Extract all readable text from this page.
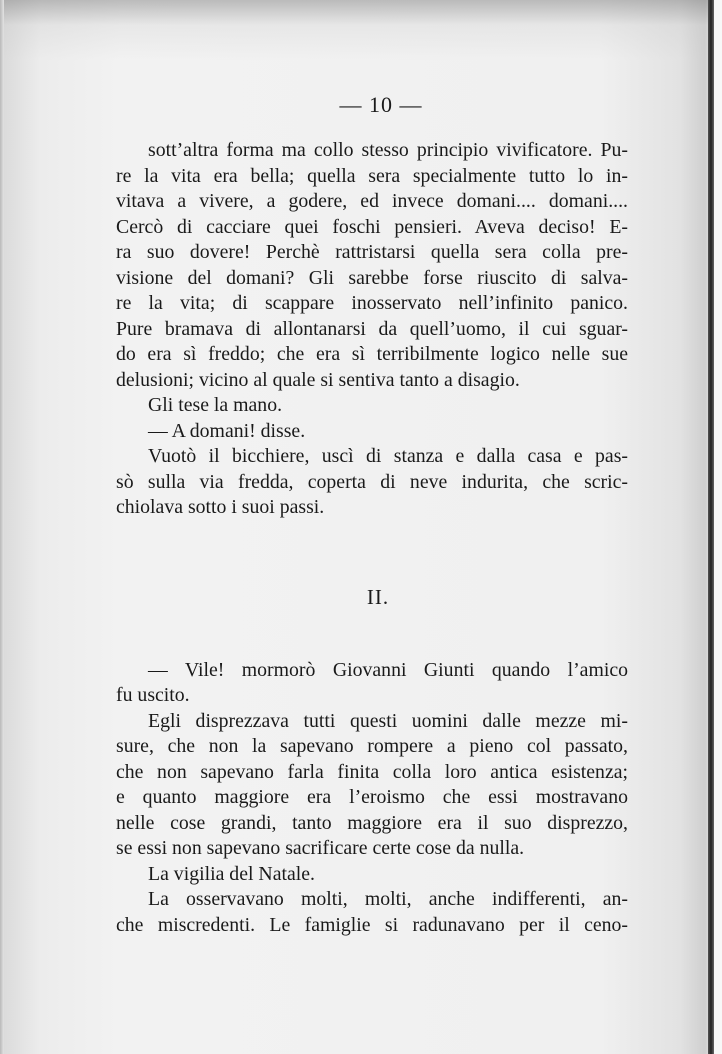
— 10 —
sott’altra forma ma collo stesso principio vivificatore. Pu-
re la vita era bella; quella sera specialmente tutto lo in-
vitava a vivere, a godere, ed invece domani.... domani....
Cercò di cacciare quei foschi pensieri. Aveva deciso! E-
ra suo dovere! Perchè rattristarsi quella sera colla pre-
visione del domani? Gli sarebbe forse riuscito di salva-
re la vita; di scappare inosservato nell’infinito panico.
Pure bramava di allontanarsi da quell’uomo, il cui sguar-
do era sì freddo; che era sì terribilmente logico nelle sue
delusioni; vicino al quale si sentiva tanto a disagio.
Gli tese la mano.
— A domani! disse.
Vuotò il bicchiere, uscì di stanza e dalla casa e pas-
sò sulla via fredda, coperta di neve indurita, che scric-
chiolava sotto i suoi passi.
II.
— Vile! mormorò Giovanni Giunti quando l’amico
fu uscito.
Egli disprezzava tutti questi uomini dalle mezze mi-
sure, che non la sapevano rompere a pieno col passato,
che non sapevano farla finita colla loro antica esistenza;
e quanto maggiore era l’eroismo che essi mostravano
nelle cose grandi, tanto maggiore era il suo disprezzo,
se essi non sapevano sacrificare certe cose da nulla.
La vigilia del Natale.
La osservavano molti, molti, anche indifferenti, an-
che miscredenti. Le famiglie si radunavano per il ceno-
